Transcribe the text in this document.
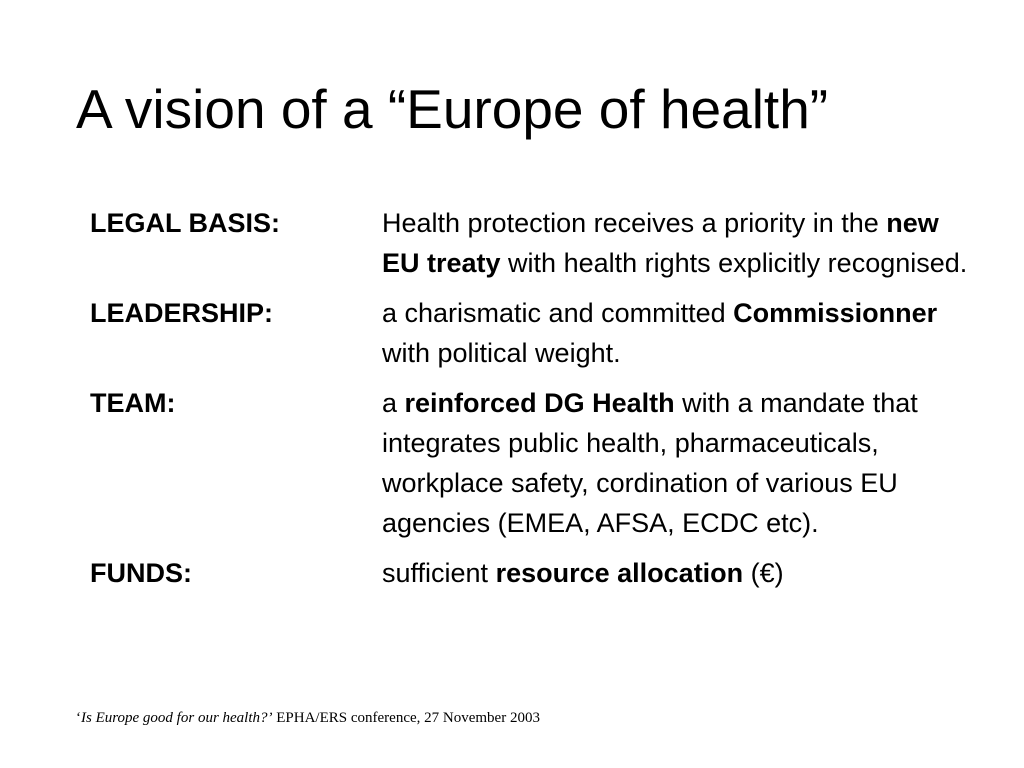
A vision of a “Europe of health”
LEGAL BASIS:	Health protection receives a priority in the new EU treaty with health rights explicitly recognised.
LEADERSHIP:	a charismatic and committed Commissionner with political weight.
TEAM:	a reinforced DG Health with a mandate that integrates public health, pharmaceuticals, workplace safety, cordination of various EU agencies (EMEA, AFSA, ECDC etc).
FUNDS:	sufficient resource allocation (€)
‘Is Europe good for our health?’ EPHA/ERS conference, 27 November 2003
